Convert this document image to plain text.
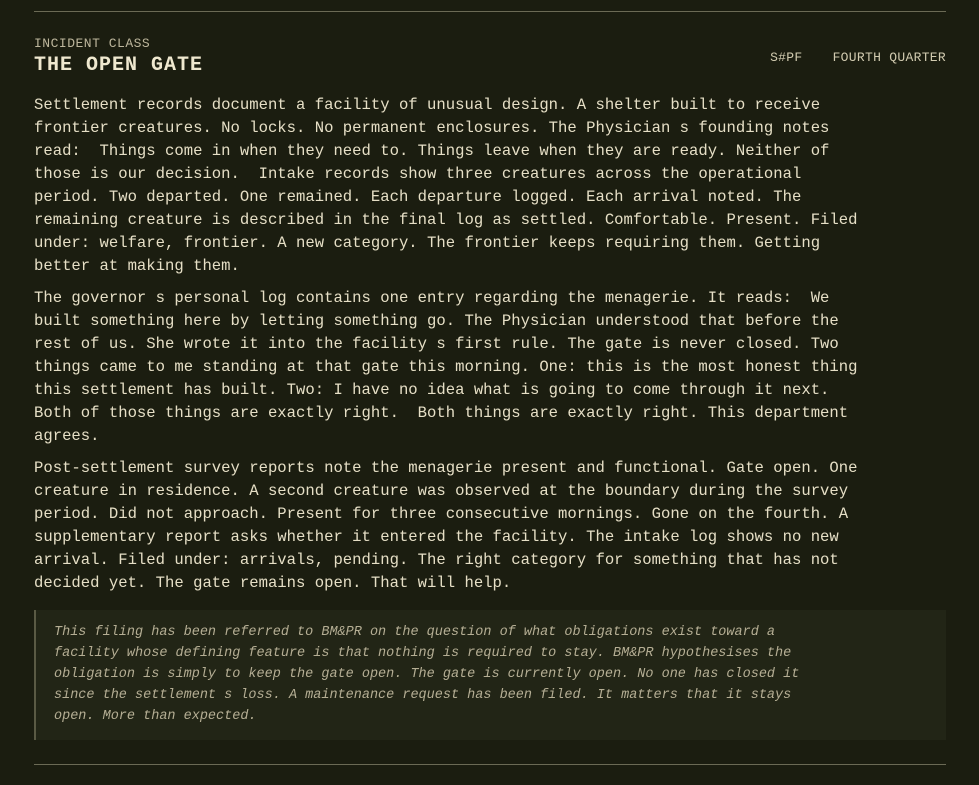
INCIDENT CLASS
THE OPEN GATE	S#PF FOURTH QUARTER

Settlement records document a facility of unusual design. A shelter built to receive
frontier creatures. No locks. No permanent enclosures. The Physician s founding notes
read:  Things come in when they need to. Things leave when they are ready. Neither of
those is our decision.  Intake records show three creatures across the operational
period. Two departed. One remained. Each departure logged. Each arrival noted. The
remaining creature is described in the final log as settled. Comfortable. Present. Filed
under: welfare, frontier. A new category. The frontier keeps requiring them. Getting
better at making them.

The governor s personal log contains one entry regarding the menagerie. It reads:  We
built something here by letting something go. The Physician understood that before the
rest of us. She wrote it into the facility s first rule. The gate is never closed. Two
things came to me standing at that gate this morning. One: this is the most honest thing
this settlement has built. Two: I have no idea what is going to come through it next.
Both of those things are exactly right.  Both things are exactly right. This department
agrees.

Post-settlement survey reports note the menagerie present and functional. Gate open. One
creature in residence. A second creature was observed at the boundary during the survey
period. Did not approach. Present for three consecutive mornings. Gone on the fourth. A
supplementary report asks whether it entered the facility. The intake log shows no new
arrival. Filed under: arrivals, pending. The right category for something that has not
decided yet. The gate remains open. That will help.

This filing has been referred to BM&PR on the question of what obligations exist toward a
facility whose defining feature is that nothing is required to stay. BM&PR hypothesises the
obligation is simply to keep the gate open. The gate is currently open. No one has closed it
since the settlement s loss. A maintenance request has been filed. It matters that it stays
open. More than expected.
